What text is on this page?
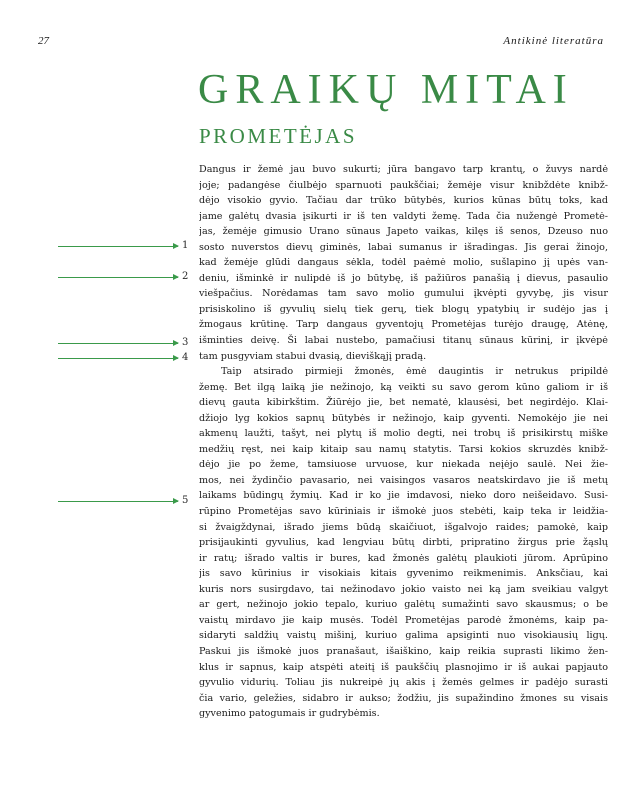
27	Antikinė literatūra
GRAIKŲ MITAI
PROMETĖJAS
1
2
3
4
5
Dangus ir žemė jau buvo sukurti; jūra bangavo tarp krantų, o žuvys nardė
joje; padangėse čiulbėjo sparnuoti paukščiai; žemėje visur knibždėte knibž-
dėjo visokio gyvio. Tačiau dar trūko būtybės, kurios kūnas būtų toks, kad
jame galėtų dvasia įsikurti ir iš ten valdyti žemę. Tada čia nužengė Prometė-
jas, žemėje gimusio Urano sūnaus Japeto vaikas, kilęs iš senos, Dzeuso nuo
sosto nuverstos dievų giminės, labai sumanus ir išradingas. Jis gerai žinojo,
kad žemėje glūdi dangaus sėkla, todėl paėmė molio, sušlapino jį upės van-
deniu, išminkė ir nulipdė iš jo būtybę, iš pažiūros panašią į dievus, pasaulio
viešpačius. Norėdamas tam savo molio gumului įkvėpti gyvybę, jis visur
prisiskolino iš gyvulių sielų tiek gerų, tiek blogų ypatybių ir sudėjo jas į
žmogaus krūtinę. Tarp dangaus gyventojų Prometėjas turėjo draugę, Atėnę,
išminties deivę. Ši labai nustebo, pamačiusi titanų sūnaus kūrinį, ir įkvėpė
tam pusgyviam stabui dvasią, dieviškąjį pradą.
Taip atsirado pirmieji žmonės, ėmė daugintis ir netrukus pripildė
žemę. Bet ilgą laiką jie nežinojo, ką veikti su savo gerom kūno galiom ir iš
dievų gauta kibirkštim. Žiūrėjo jie, bet nematė, klausėsi, bet negirdėjo. Klai-
džiojo lyg kokios sapnų būtybės ir nežinojo, kaip gyventi. Nemokėjo jie nei
akmenų laužti, tašyt, nei plytų iš molio degti, nei trobų iš prisikirstų miške
medžių ręst, nei kaip kitaip sau namų statytis. Tarsi kokios skruzdės knibž-
dėjo jie po žeme, tamsiuose urvuose, kur niekada neįėjo saulė. Nei žie-
mos, nei žydinčio pavasario, nei vaisingos vasaros neatskirdavo jie iš metų
laikams būdingų žymių. Kad ir ko jie imdavosi, nieko doro neišeidavo. Susi-
rūpino Prometėjas savo kūriniais ir išmokė juos stebėti, kaip teka ir leidžia-
si žvaigždynai, išrado jiems būdą skaičiuot, išgalvojo raides; pamokė, kaip
prisijaukinti gyvulius, kad lengviau būtų dirbti, pripratino žirgus prie žąslų
ir ratų; išrado valtis ir bures, kad žmonės galėtų plaukioti jūrom. Aprūpino
jis savo kūrinius ir visokiais kitais gyvenimo reikmenimis. Anksčiau, kai
kuris nors susirgdavo, tai nežinodavo jokio vaisto nei ką jam sveikiau valgyt
ar gert, nežinojo jokio tepalo, kuriuo galėtų sumažinti savo skausmus; o be
vaistų mirdavo jie kaip musės. Todėl Prometėjas parodė žmonėms, kaip pa-
sidaryti saldžių vaistų mišinį, kuriuo galima apsiginti nuo visokiausių ligų.
Paskui jis išmokė juos pranašaut, išaiškino, kaip reikia suprasti likimo žen-
klus ir sapnus, kaip atspėti ateitį iš paukščių plasnojimo ir iš aukai papjauto
gyvulio vidurių. Toliau jis nukreipė jų akis į žemės gelmes ir padėjo surasti
čia vario, geležies, sidabro ir aukso; žodžiu, jis supažindino žmones su visais
gyvenimo patogumais ir gudrybėmis.
